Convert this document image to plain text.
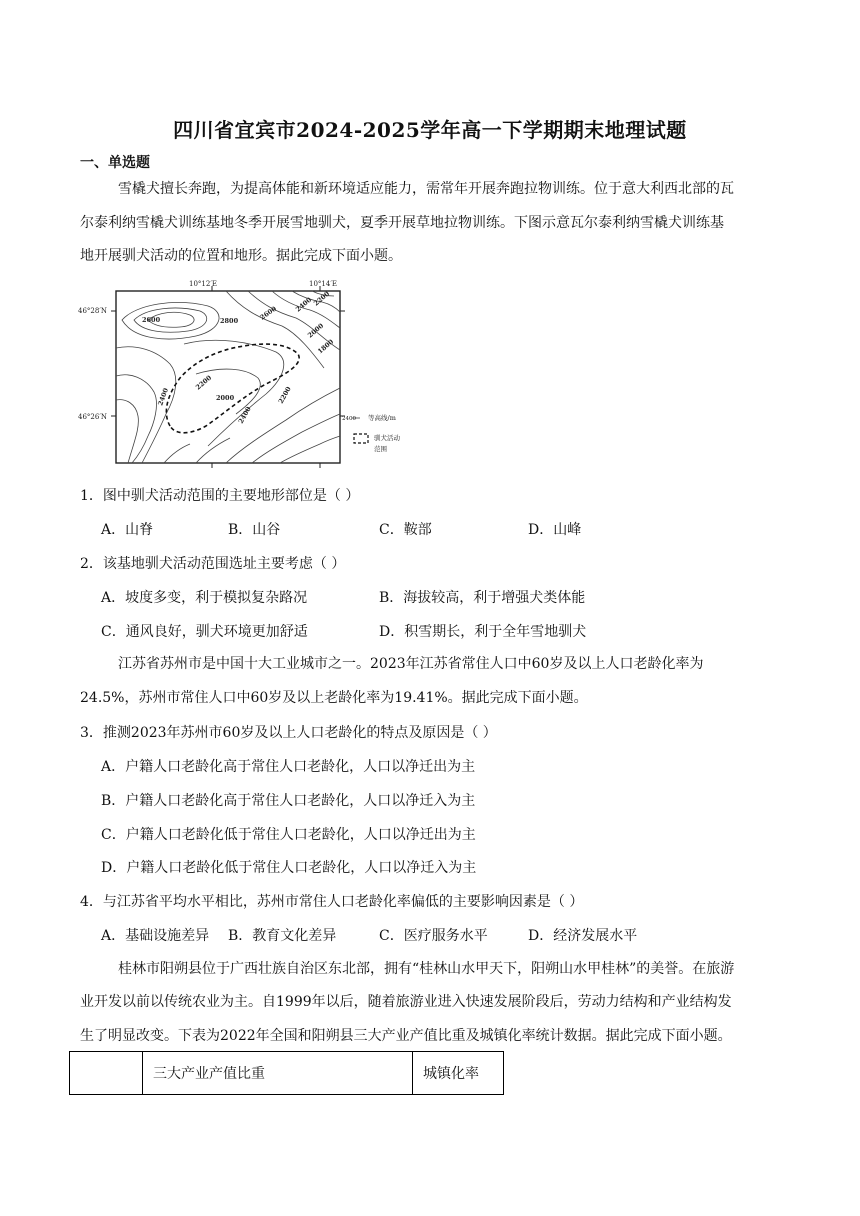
四川省宜宾市2024-2025学年高一下学期期末地理试题
一、单选题
雪橇犬擅长奔跑，为提高体能和新环境适应能力，需常年开展奔跑拉物训练。位于意大利西北部的瓦
尔泰利纳雪橇犬训练基地冬季开展雪地驯犬，夏季开展草地拉物训练。下图示意瓦尔泰利纳雪橇犬训练基
地开展驯犬活动的位置和地形。据此完成下面小题。
10°12′E	10°14′E
46°28′N
46°26′N
2600	2800	2600 2400
2200
2000
1800
2200
2000
2400
2400
2200
2400 等高线/m
驯犬活动
范围
1．图中驯犬活动范围的主要地形部位是（ ）
A．山脊	B．山谷	C．鞍部	D．山峰
2．该基地驯犬活动范围选址主要考虑（ ）
A．坡度多变，利于模拟复杂路况	B．海拔较高，利于增强犬类体能
C．通风良好，驯犬环境更加舒适	D．积雪期长，利于全年雪地驯犬
江苏省苏州市是中国十大工业城市之一。2023年江苏省常住人口中60岁及以上人口老龄化率为
24.5%，苏州市常住人口中60岁及以上老龄化率为19.41%。据此完成下面小题。
3．推测2023年苏州市60岁及以上人口老龄化的特点及原因是（ ）
A．户籍人口老龄化高于常住人口老龄化，人口以净迁出为主
B．户籍人口老龄化高于常住人口老龄化，人口以净迁入为主
C．户籍人口老龄化低于常住人口老龄化，人口以净迁出为主
D．户籍人口老龄化低于常住人口老龄化，人口以净迁入为主
4．与江苏省平均水平相比，苏州市常住人口老龄化率偏低的主要影响因素是（ ）
A．基础设施差异 B．教育文化差异	C．医疗服务水平	D．经济发展水平
桂林市阳朔县位于广西壮族自治区东北部，拥有“桂林山水甲天下，阳朔山水甲桂林”的美誉。在旅游
业开发以前以传统农业为主。自1999年以后，随着旅游业进入快速发展阶段后，劳动力结构和产业结构发
生了明显改变。下表为2022年全国和阳朔县三大产业产值比重及城镇化率统计数据。据此完成下面小题。
	三大产业产值比重	城镇化率
